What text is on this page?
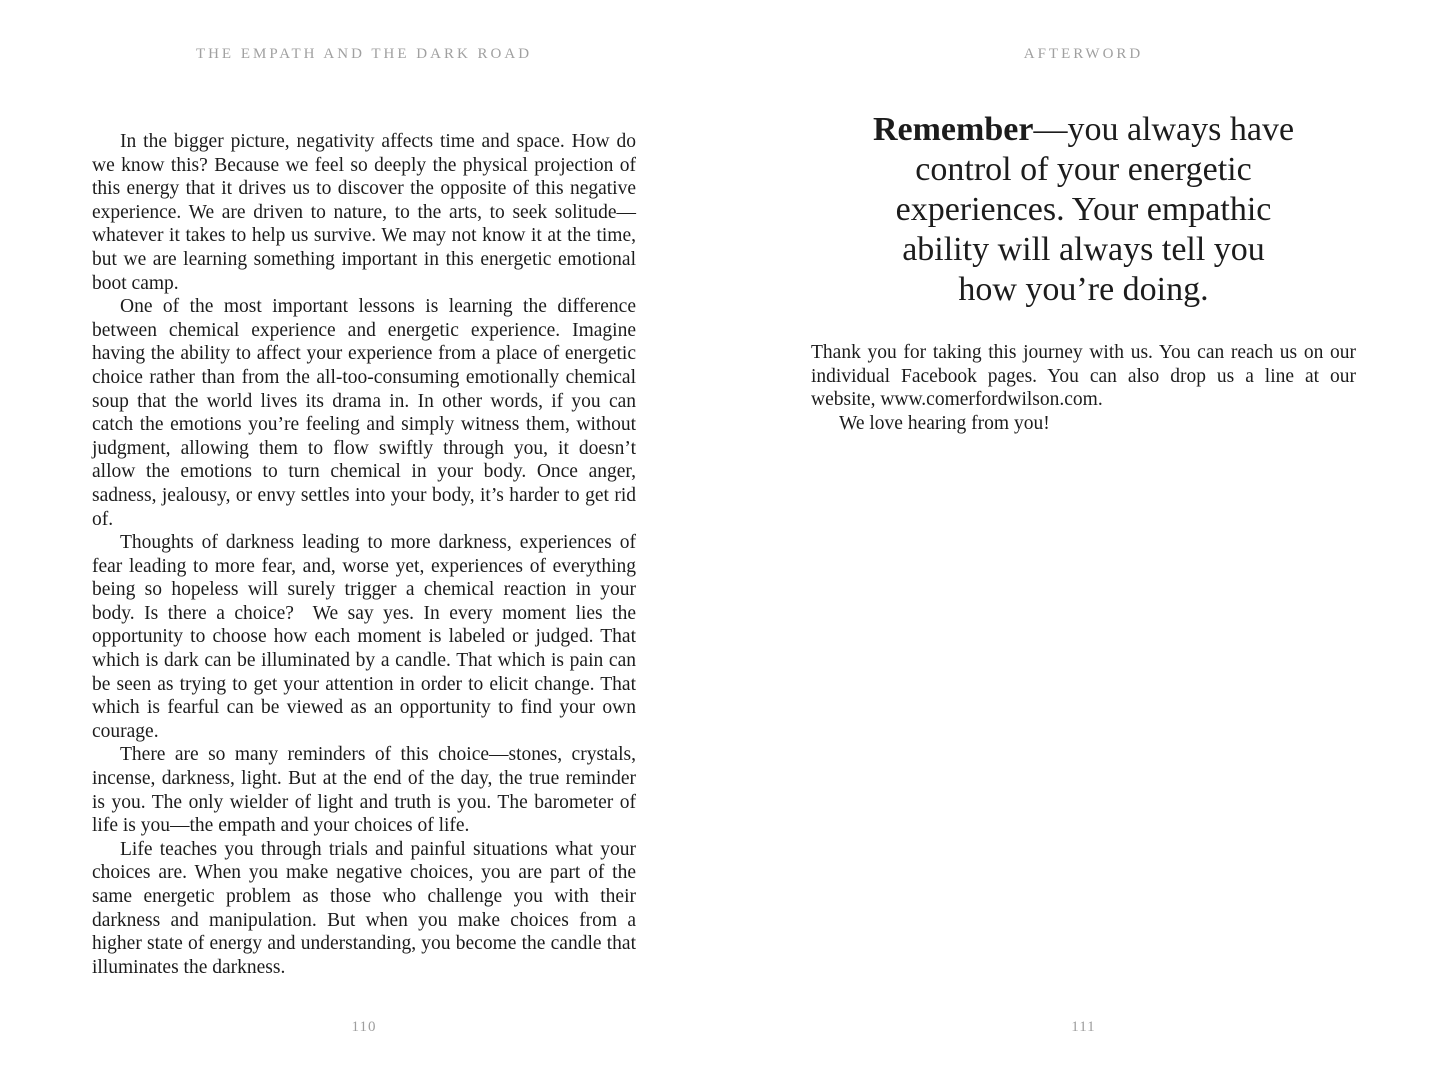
THE EMPATH AND THE DARK ROAD

In the bigger picture, negativity affects time and space. How do we know this? Because we feel so deeply the physical projection of this energy that it drives us to discover the opposite of this negative experience. We are driven to nature, to the arts, to seek solitude—whatever it takes to help us survive. We may not know it at the time, but we are learning something important in this energetic emotional boot camp.

One of the most important lessons is learning the difference between chemical experience and energetic experience. Imagine having the ability to affect your experience from a place of energetic choice rather than from the all-too-consuming emotionally chemical soup that the world lives its drama in. In other words, if you can catch the emotions you’re feeling and simply witness them, without judgment, allowing them to flow swiftly through you, it doesn’t allow the emotions to turn chemical in your body. Once anger, sadness, jealousy, or envy settles into your body, it’s harder to get rid of.

Thoughts of darkness leading to more darkness, experiences of fear leading to more fear, and, worse yet, experiences of everything being so hopeless will surely trigger a chemical reaction in your body. Is there a choice?  We say yes. In every moment lies the opportunity to choose how each moment is labeled or judged. That which is dark can be illuminated by a candle. That which is pain can be seen as trying to get your attention in order to elicit change. That which is fearful can be viewed as an opportunity to find your own courage.

There are so many reminders of this choice—stones, crystals, incense, darkness, light. But at the end of the day, the true reminder is you. The only wielder of light and truth is you. The barometer of life is you—the empath and your choices of life.

Life teaches you through trials and painful situations what your choices are. When you make negative choices, you are part of the same energetic problem as those who challenge you with their darkness and manipulation. But when you make choices from a higher state of energy and understanding, you become the candle that illuminates the darkness.

110
AFTERWORD
Remember—you always have
control of your energetic
experiences. Your empathic
ability will always tell you
how you’re doing.

Thank you for taking this journey with us. You can reach us on our individual Facebook pages. You can also drop us a line at our website, www.comerfordwilson.com.

We love hearing from you!

111
